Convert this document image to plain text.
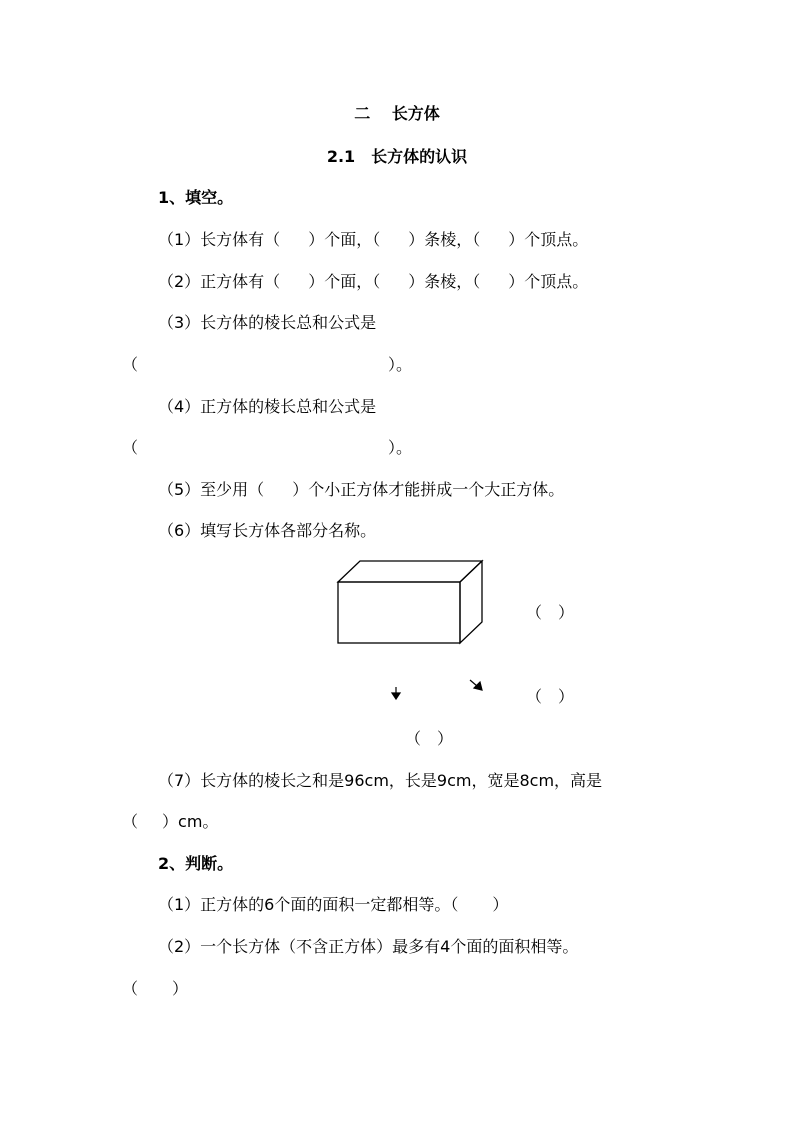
二　 长方体
2.1　长方体的认识
1、填空。
（1）长方体有（ ）个面，（ ）条棱，（ ）个顶点。
（2）正方体有（ ）个面，（ ）条棱，（ ）个顶点。
（3）长方体的棱长总和公式是
（	）。
（4）正方体的棱长总和公式是
（	）。
（5）至少用（ ）个小正方体才能拼成一个大正方体。
（6）填写长方体各部分名称。
（　）
（　）
（　）
（7）长方体的棱长之和是96cm，长是9cm，宽是8cm，高是
（ ）cm。
2、判断。
（1）正方体的6个面的面积一定都相等。（ ）
（2）一个长方体（不含正方体）最多有4个面的面积相等。
（ ）
